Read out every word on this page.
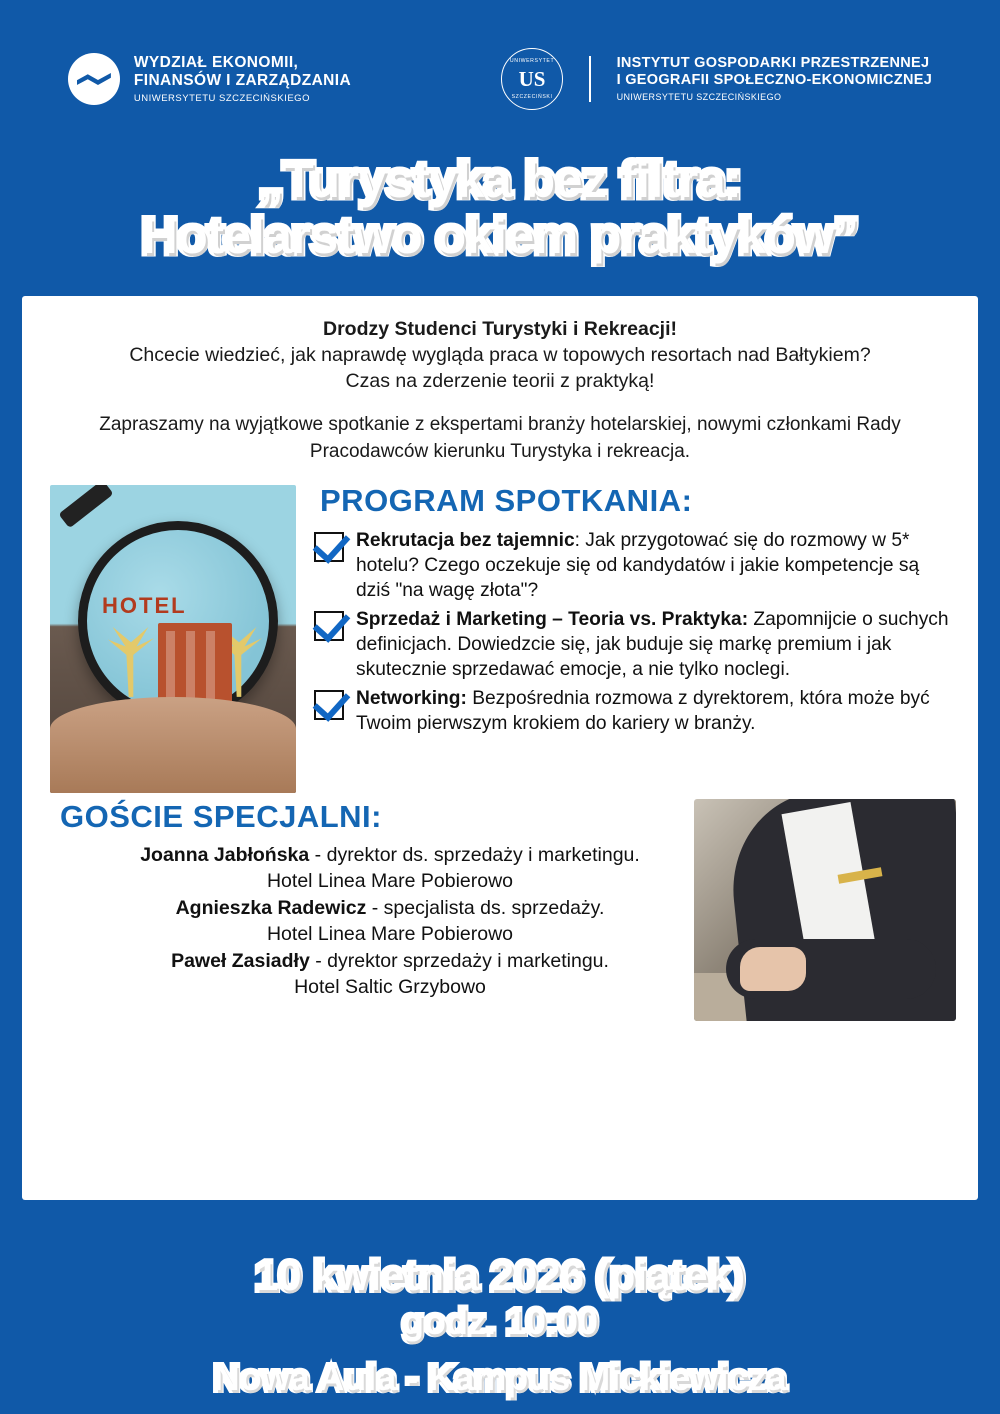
WYDZIAŁ EKONOMII,
FINANSÓW I ZARZĄDZANIA
UNIWERSYTETU SZCZECIŃSKIEGO
UNIWERSYTET
US
SZCZECIŃSKI
INSTYTUT GOSPODARKI PRZESTRZENNEJ
I GEOGRAFII SPOŁECZNO-EKONOMICZNEJ
UNIWERSYTETU SZCZECIŃSKIEGO
„Turystyka bez filtra:
Hotelarstwo okiem praktyków”
Drodzy Studenci Turystyki i Rekreacji!

Chcecie wiedzieć, jak naprawdę wygląda praca w topowych resortach nad Bałtykiem?

Czas na zderzenie teorii z praktyką!

Zapraszamy na wyjątkowe spotkanie z ekspertami branży hotelarskiej, nowymi członkami Rady Pracodawców kierunku Turystyka i rekreacja.

HOTEL
PROGRAM SPOTKANIA:
Rekrutacja bez tajemnic: Jak przygotować się do rozmowy w 5* hotelu? Czego oczekuje się od kandydatów i jakie kompetencje są dziś "na wagę złota"?
Sprzedaż i Marketing – Teoria vs. Praktyka: Zapomnijcie o suchych definicjach. Dowiedzcie się, jak buduje się markę premium i jak skutecznie sprzedawać emocje, a nie tylko noclegi.
Networking: Bezpośrednia rozmowa z dyrektorem, która może być Twoim pierwszym krokiem do kariery w branży.
GOŚCIE SPECJALNI:
Joanna Jabłońska - dyrektor ds. sprzedaży i marketingu.
Hotel Linea Mare Pobierowo
Agnieszka Radewicz - specjalista ds. sprzedaży.
Hotel Linea Mare Pobierowo
Paweł Zasiadły - dyrektor sprzedaży i marketingu.
Hotel Saltic Grzybowo
10 kwietnia 2026 (piątek)
godz. 10:00
Nowa Aula - Kampus Mickiewicza
